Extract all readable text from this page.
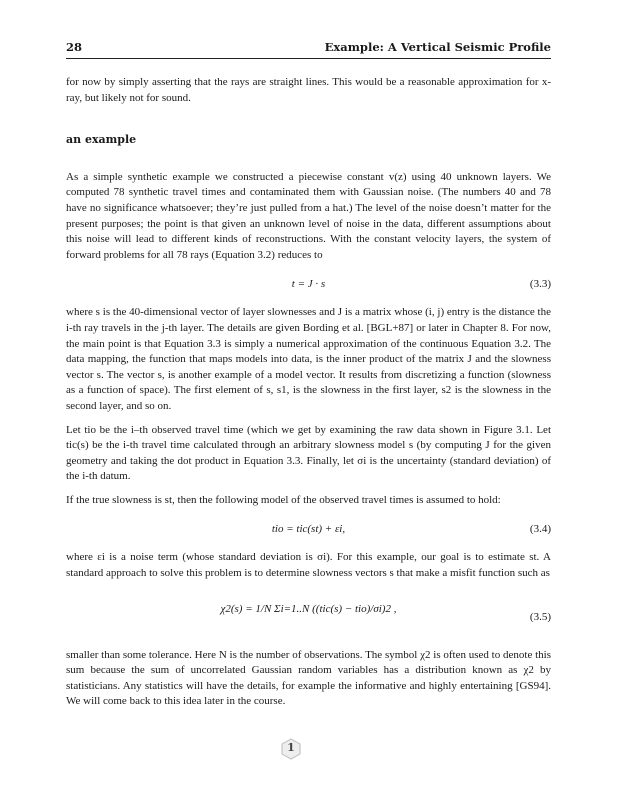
28	Example: A Vertical Seismic Profile

for now by simply asserting that the rays are straight lines. This would be a reasonable approximation for x-ray, but likely not for sound.

an example

As a simple synthetic example we constructed a piecewise constant v(z) using 40 unknown layers. We computed 78 synthetic travel times and contaminated them with Gaussian noise. (The numbers 40 and 78 have no significance whatsoever; they’re just pulled from a hat.) The level of the noise doesn’t matter for the present purposes; the point is that given an unknown level of noise in the data, different assumptions about this noise will lead to different kinds of reconstructions. With the constant velocity layers, the system of forward problems for all 78 rays (Equation 3.2) reduces to

t = J · s	(3.3)

where s is the 40-dimensional vector of layer slownesses and J is a matrix whose (i, j) entry is the distance the i-th ray travels in the j-th layer. The details are given Bording et al. [BGL+87] or later in Chapter 8. For now, the main point is that Equation 3.3 is simply a numerical approximation of the continuous Equation 3.2. The data mapping, the function that maps models into data, is the inner product of the matrix J and the slowness vector s. The vector s, is another example of a model vector. It results from discretizing a function (slowness as a function of space). The first element of s, s1, is the slowness in the first layer, s2 is the slowness in the second layer, and so on.

Let tio be the i–th observed travel time (which we get by examining the raw data shown in Figure 3.1. Let tic(s) be the i-th travel time calculated through an arbitrary slowness model s (by computing J for the given geometry and taking the dot product in Equation 3.3. Finally, let σi is the uncertainty (standard deviation) of the i-th datum.

If the true slowness is st, then the following model of the observed travel times is assumed to hold:

tio = tic(st) + εi,	(3.4)

where εi is a noise term (whose standard deviation is σi). For this example, our goal is to estimate st. A standard approach to solve this problem is to determine slowness vectors s that make a misfit function such as

χ2(s) = 1/N Σi=1..N ((tic(s) − tio)/σi)2 ,
(3.5)

smaller than some tolerance. Here N is the number of observations. The symbol χ2 is often used to denote this sum because the sum of uncorrelated Gaussian random variables has a distribution known as χ2 by statisticians. Any statistics will have the details, for example the informative and highly entertaining [GS94]. We will come back to this idea later in the course.

1
